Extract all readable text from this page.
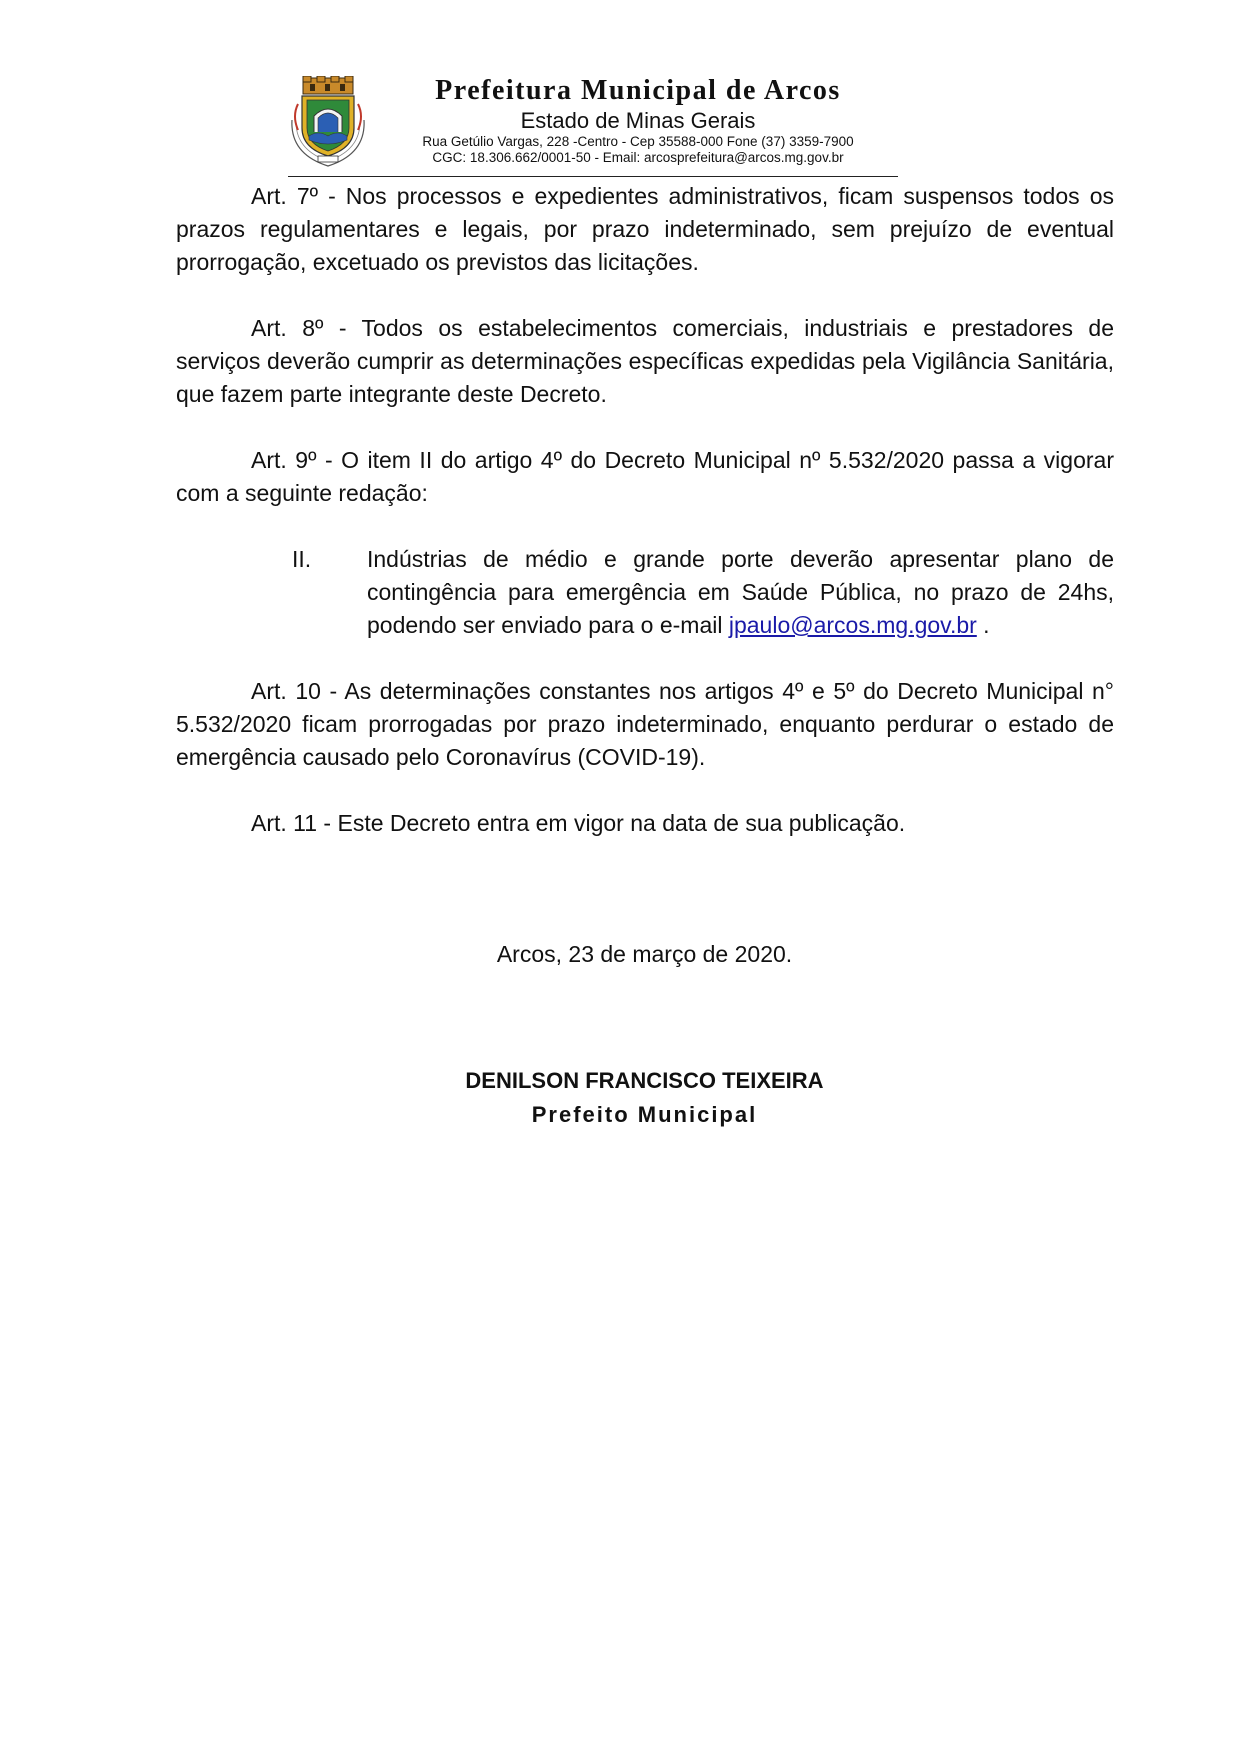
Prefeitura Municipal de Arcos
Estado de Minas Gerais
Rua Getúlio Vargas, 228 -Centro - Cep 35588-000 Fone (37) 3359-7900
CGC: 18.306.662/0001-50 - Email: arcosprefeitura@arcos.mg.gov.br

Art. 7º - Nos processos e expedientes administrativos, ficam suspensos todos os prazos regulamentares e legais, por prazo indeterminado, sem prejuízo de eventual prorrogação, excetuado os previstos das licitações.

Art. 8º - Todos os estabelecimentos comerciais, industriais e prestadores de serviços deverão cumprir as determinações específicas expedidas pela Vigilância Sanitária, que fazem parte integrante deste Decreto.

Art. 9º - O item II do artigo 4º do Decreto Municipal nº 5.532/2020 passa a vigorar com a seguinte redação:

II. Indústrias de médio e grande porte deverão apresentar plano de contingência para emergência em Saúde Pública, no prazo de 24hs, podendo ser enviado para o e-mail jpaulo@arcos.mg.gov.br .

Art. 10 - As determinações constantes nos artigos 4º e 5º do Decreto Municipal n° 5.532/2020 ficam prorrogadas por prazo indeterminado, enquanto perdurar o estado de emergência causado pelo Coronavírus (COVID-19).

Art. 11 - Este Decreto entra em vigor na data de sua publicação.

Arcos, 23 de março de 2020.
DENILSON FRANCISCO TEIXEIRA
Prefeito Municipal
